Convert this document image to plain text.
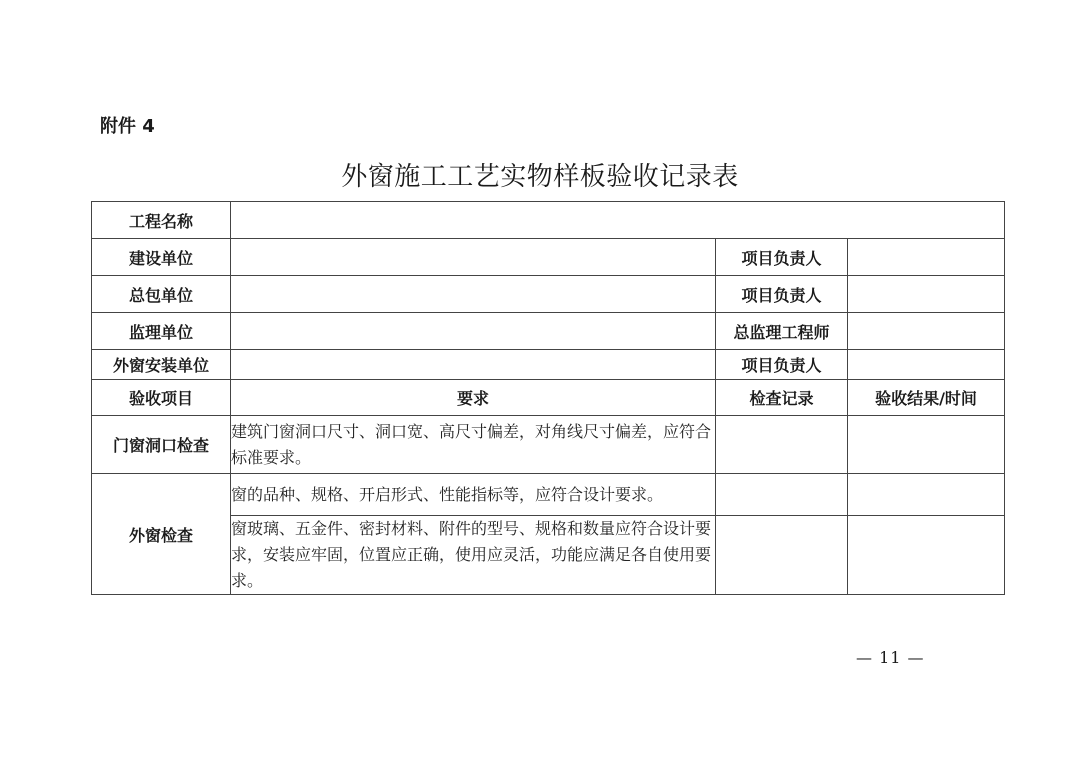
附件 4
外窗施工工艺实物样板验收记录表
工程名称			
建设单位		项目负责人	
总包单位		项目负责人	
监理单位		总监理工程师	
外窗安装单位		项目负责人	
验收项目	要求	检查记录	验收结果/时间
门窗洞口检查	建筑门窗洞口尺寸、洞口宽、高尺寸偏差，对角线尺寸偏差，应符合标准要求。		
外窗检查	窗的品种、规格、开启形式、性能指标等，应符合设计要求。		
	窗玻璃、五金件、密封材料、附件的型号、规格和数量应符合设计要求，安装应牢固，位置应正确，使用应灵活，功能应满足各自使用要求。		
— 11 —
